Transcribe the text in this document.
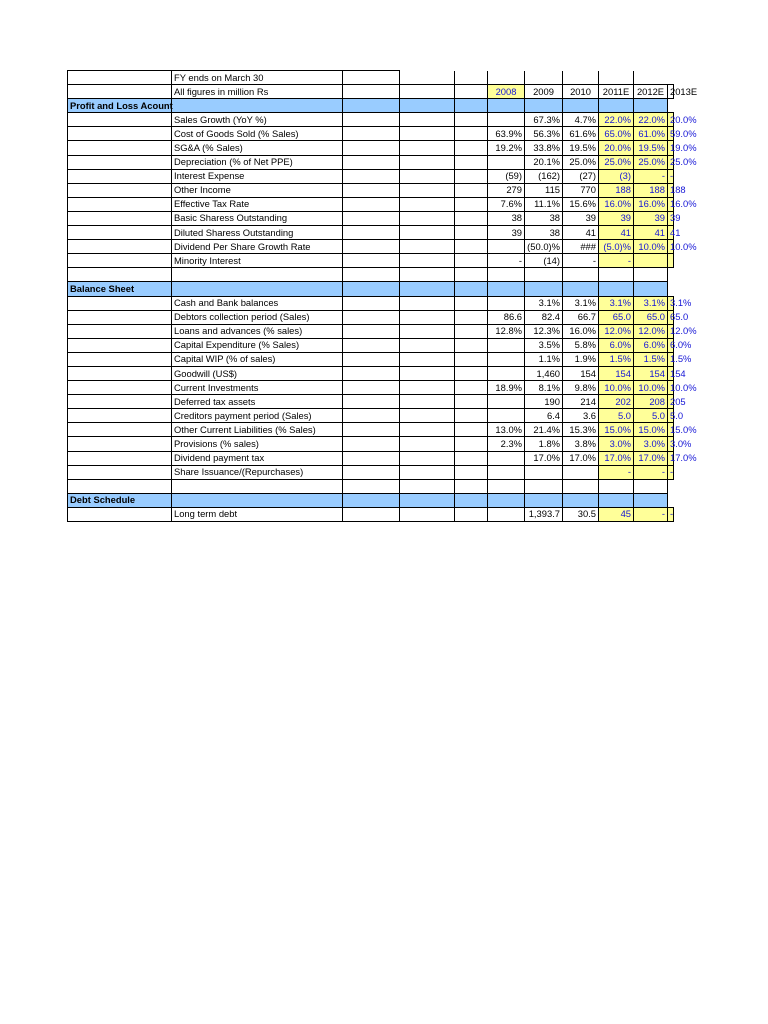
	FY ends on March 30									
	All figures in million Rs				2008	2009	2010	2011E	2012E	2013E
Profit and Loss Acount										
	Sales Growth (YoY %)					67.3%	4.7%	22.0%	22.0%	20.0%
	Cost of Goods Sold (% Sales)				63.9%	56.3%	61.6%	65.0%	61.0%	59.0%
	SG&A (% Sales)				19.2%	33.8%	19.5%	20.0%	19.5%	19.0%
	Depreciation (% of Net PPE)					20.1%	25.0%	25.0%	25.0%	25.0%
	Interest Expense				(59)	(162)	(27)	(3)	-	-
	Other Income				279	115	770	188	188	188
	Effective Tax Rate				7.6%	11.1%	15.6%	16.0%	16.0%	16.0%
	Basic Sharess Outstanding				38	38	39	39	39	39
	Diluted Sharess Outstanding				39	38	41	41	41	41
	Dividend Per Share Growth Rate					(50.0)%	###	(5.0)%	10.0%	10.0%
	Minority Interest				-	(14)	-	-		

Balance Sheet										
	Cash and Bank balances					3.1%	3.1%	3.1%	3.1%	3.1%
	Debtors collection period (Sales)				86.6	82.4	66.7	65.0	65.0	65.0
	Loans and advances (% sales)				12.8%	12.3%	16.0%	12.0%	12.0%	12.0%
	Capital Expenditure (% Sales)					3.5%	5.8%	6.0%	6.0%	6.0%
	Capital WIP (% of sales)					1.1%	1.9%	1.5%	1.5%	1.5%
	Goodwill (US$)					1,460	154	154	154	154
	Current Investments				18.9%	8.1%	9.8%	10.0%	10.0%	10.0%
	Deferred tax assets					190	214	202	208	205
	Creditors payment period (Sales)					6.4	3.6	5.0	5.0	5.0
	Other Current Liabilities (% Sales)				13.0%	21.4%	15.3%	15.0%	15.0%	15.0%
	Provisions (% sales)				2.3%	1.8%	3.8%	3.0%	3.0%	3.0%
	Dividend payment tax					17.0%	17.0%	17.0%	17.0%	17.0%
	Share Issuance/(Repurchases)							-	-	-

Debt Schedule										
	Long term debt					1,393.7	30.5	45	-	-
